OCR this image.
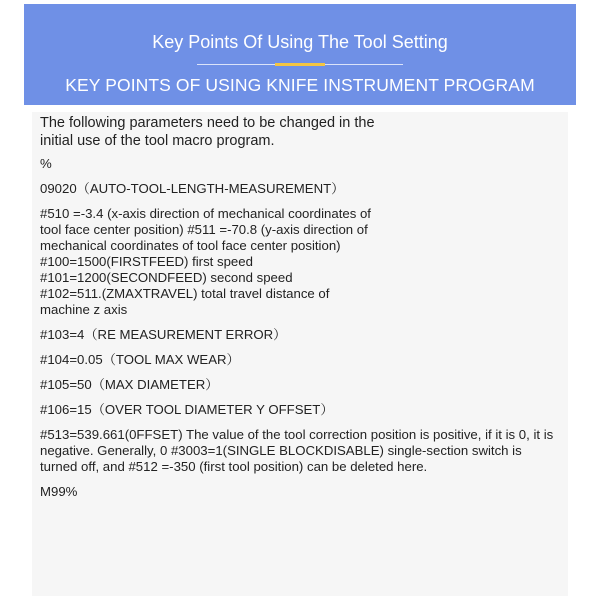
Key Points Of Using The Tool Setting
KEY POINTS OF USING KNIFE INSTRUMENT PROGRAM
The following parameters need to be changed in the initial use of the tool macro program.
%
09020（AUTO-TOOL-LENGTH-MEASUREMENT）
#510 =-3.4 (x-axis direction of mechanical coordinates of tool face center position) #511 =-70.8 (y-axis direction of mechanical coordinates of tool face center position)
#100=1500(FIRSTFEED) first speed
#101=1200(SECONDFEED) second speed
#102=511.(ZMAXTRAVEL) total travel distance of machine z axis
#103=4（RE MEASUREMENT ERROR）
#104=0.05（TOOL MAX WEAR）
#105=50（MAX DIAMETER）
#106=15（OVER TOOL DIAMETER Y OFFSET）
#513=539.661(0FFSET) The value of the tool correction position is positive, if it is 0, it is negative. Generally, 0 #3003=1(SINGLE BLOCKDISABLE) single-section switch is turned off, and #512 =-350 (first tool position) can be deleted here.
M99%
